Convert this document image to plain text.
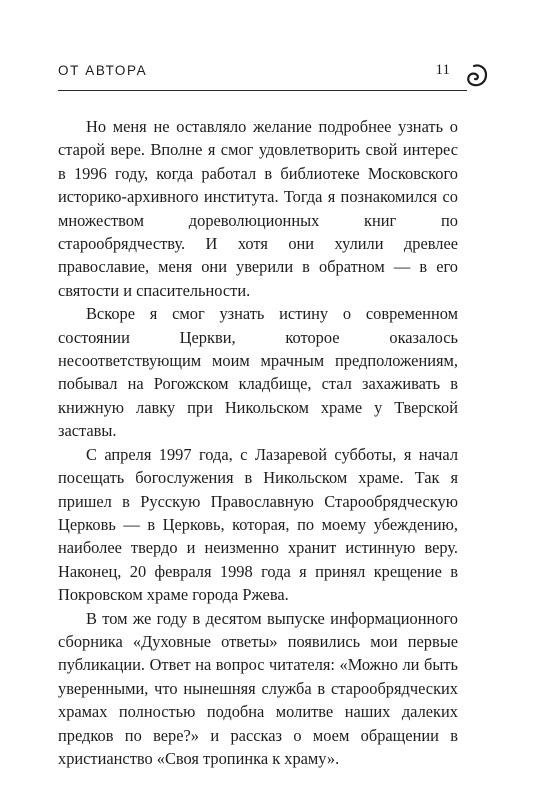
ОТ АВТОРА	11

Но меня не оставляло желание подробнее узнать о старой вере. Вполне я смог удовлетворить свой интерес в 1996 году, когда работал в библиотеке Московского историко-архивного института. Тогда я познакомился со множеством дореволюционных книг по старообрядчеству. И хотя они хулили древлее православие, меня они уверили в обратном — в его святости и спасительности.

Вскоре я смог узнать истину о современном состоянии Церкви, которое оказалось несоответствующим моим мрачным предположениям, побывал на Рогожском кладбище, стал захаживать в книжную лавку при Никольском храме у Тверской заставы.

С апреля 1997 года, с Лазаревой субботы, я начал посещать богослужения в Никольском храме. Так я пришел в Русскую Православную Старообрядческую Церковь — в Церковь, которая, по моему убеждению, наиболее твердо и неизменно хранит истинную веру. Наконец, 20 февраля 1998 года я принял крещение в Покровском храме города Ржева.

В том же году в десятом выпуске информационного сборника «Духовные ответы» появились мои первые публикации. Ответ на вопрос читателя: «Можно ли быть уверенными, что нынешняя служба в старообрядческих храмах полностью подобна молитве наших далеких предков по вере?» и рассказ о моем обращении в христианство «Своя тропинка к храму».
